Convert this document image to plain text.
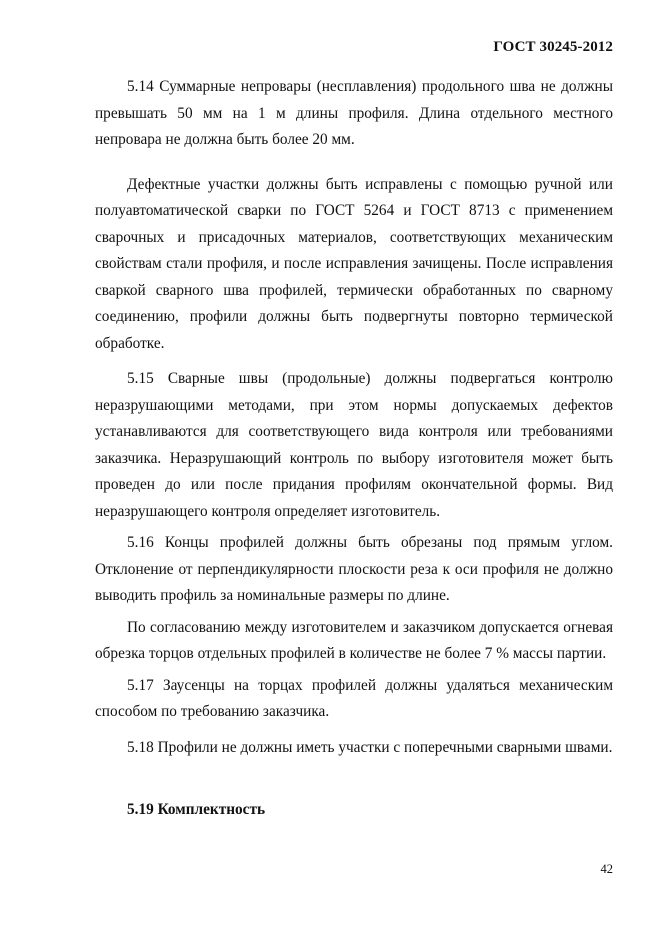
ГОСТ 30245-2012

5.14 Суммарные непровары (несплавления) продольного шва не должны превышать 50 мм на 1 м длины профиля. Длина отдельного местного непровара не должна быть более 20 мм.

Дефектные участки должны быть исправлены с помощью ручной или полуавтоматической сварки по ГОСТ 5264 и ГОСТ 8713 с применением сварочных и присадочных материалов, соответствующих механическим свойствам стали профиля, и после исправления зачищены. После исправления сваркой сварного шва профилей, термически обработанных по сварному соединению, профили должны быть подвергнуты повторно термической обработке.

5.15 Сварные швы (продольные) должны подвергаться контролю неразрушающими методами, при этом нормы допускаемых дефектов устанавливаются для соответствующего вида контроля или требованиями заказчика. Неразрушающий контроль по выбору изготовителя может быть проведен до или после придания профилям окончательной формы. Вид неразрушающего контроля определяет изготовитель.

5.16 Концы профилей должны быть обрезаны под прямым углом. Отклонение от перпендикулярности плоскости реза к оси профиля не должно выводить профиль за номинальные размеры по длине.

По согласованию между изготовителем и заказчиком допускается огневая обрезка торцов отдельных профилей в количестве не более 7 % массы партии.

5.17 Заусенцы на торцах профилей должны удаляться механическим способом по требованию заказчика.

5.18 Профили не должны иметь участки с поперечными сварными швами.

5.19 Комплектность

42
